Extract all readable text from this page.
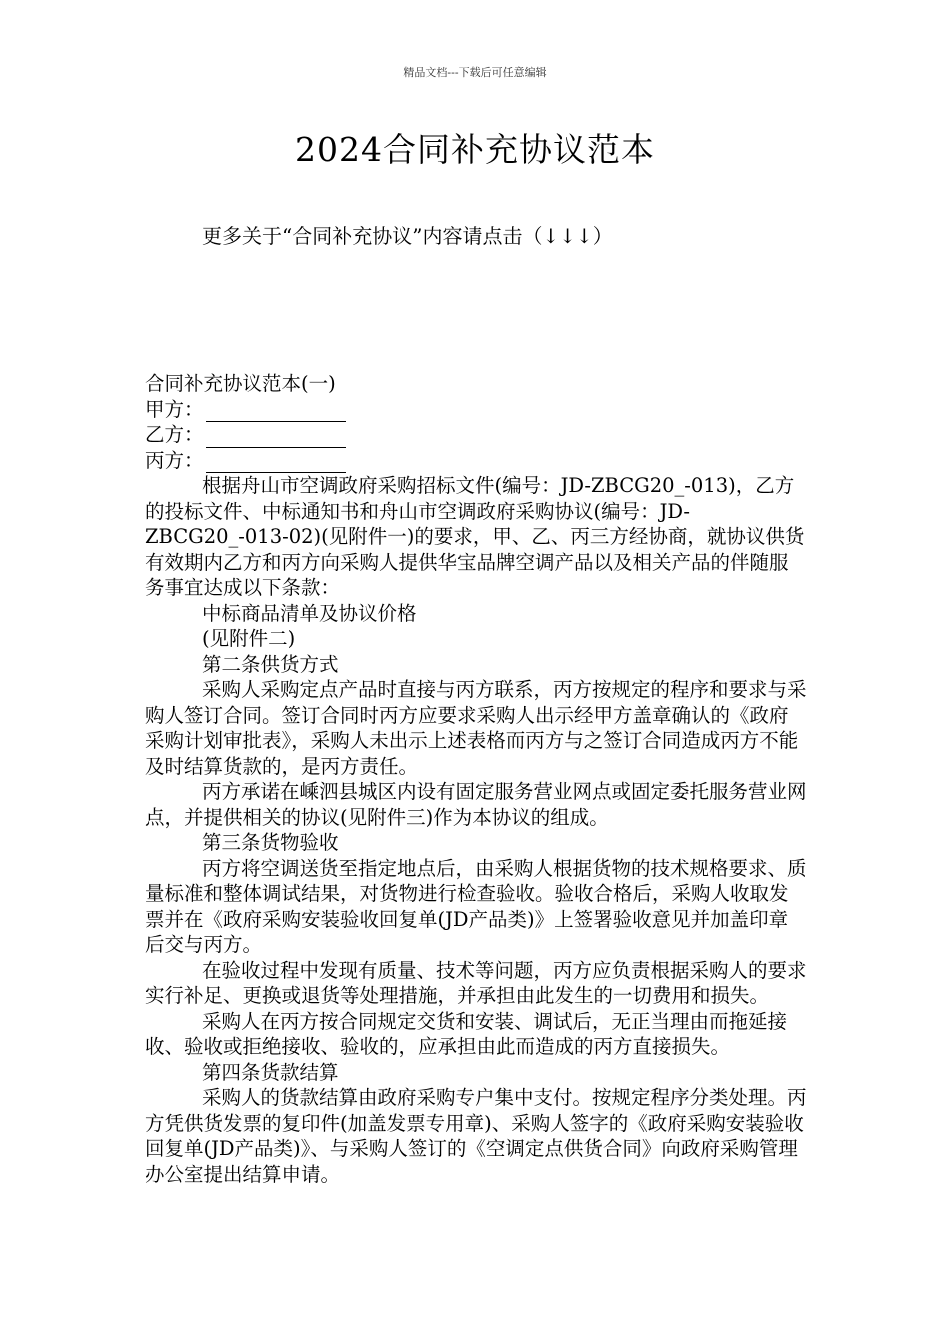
精品文档---下载后可任意编辑
2024合同补充协议范本
更多关于“合同补充协议”内容请点击（↓↓↓）

合同补充协议范本(一)

甲方：

乙方：

丙方：

根据舟山市空调政府采购招标文件(编号：JD-ZBCG20_-013)，乙方的投标文件、中标通知书和舟山市空调政府采购协议(编号：JD-ZBCG20_-013-02)(见附件一)的要求，甲、乙、丙三方经协商，就协议供货有效期内乙方和丙方向采购人提供华宝品牌空调产品以及相关产品的伴随服务事宜达成以下条款：

中标商品清单及协议价格

(见附件二)

第二条供货方式

采购人采购定点产品时直接与丙方联系，丙方按规定的程序和要求与采购人签订合同。签订合同时丙方应要求采购人出示经甲方盖章确认的《政府采购计划审批表》，采购人未出示上述表格而丙方与之签订合同造成丙方不能及时结算货款的，是丙方责任。

丙方承诺在嵊泗县城区内设有固定服务营业网点或固定委托服务营业网点，并提供相关的协议(见附件三)作为本协议的组成。

第三条货物验收

丙方将空调送货至指定地点后，由采购人根据货物的技术规格要求、质量标准和整体调试结果，对货物进行检查验收。验收合格后，采购人收取发票并在《政府采购安装验收回复单(JD产品类)》上签署验收意见并加盖印章后交与丙方。

在验收过程中发现有质量、技术等问题，丙方应负责根据采购人的要求实行补足、更换或退货等处理措施，并承担由此发生的一切费用和损失。

采购人在丙方按合同规定交货和安装、调试后，无正当理由而拖延接收、验收或拒绝接收、验收的，应承担由此而造成的丙方直接损失。

第四条货款结算

采购人的货款结算由政府采购专户集中支付。按规定程序分类处理。丙方凭供货发票的复印件(加盖发票专用章)、采购人签字的《政府采购安装验收回复单(JD产品类)》、与采购人签订的《空调定点供货合同》向政府采购管理办公室提出结算申请。
